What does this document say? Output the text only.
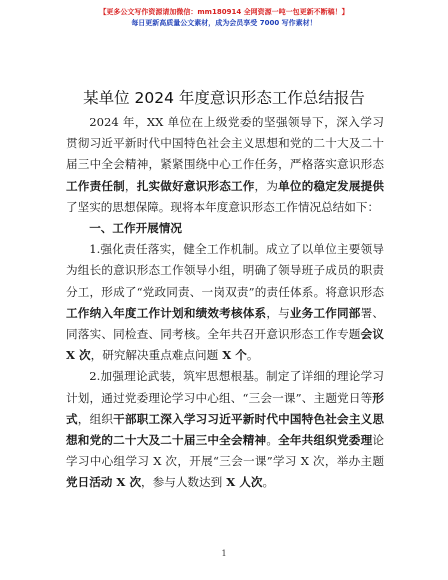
【更多公文写作资源请加微信：mm180914 全网资源一吨一包更新不断稿！】
每日更新高质量公文素材，成为会员享受 7000 写作素材！
某单位 2024 年度意识形态工作总结报告

2024 年，XX 单位在上级党委的坚强领导下，深入学习贯彻习近平新时代中国特色社会主义思想和党的二十大及二十届三中全会精神，紧紧围绕中心工作任务，严格落实意识形态工作责任制，扎实做好意识形态工作，为单位的稳定发展提供了坚实的思想保障。现将本年度意识形态工作情况总结如下：

一、工作开展情况

1.强化责任落实，健全工作机制。成立了以单位主要领导为组长的意识形态工作领导小组，明确了领导班子成员的职责分工，形成了“党政同责、一岗双责”的责任体系。将意识形态工作纳入年度工作计划和绩效考核体系，与业务工作同部署、同落实、同检查、同考核。全年共召开意识形态工作专题会议 X 次，研究解决重点难点问题 X 个。

2.加强理论武装，筑牢思想根基。制定了详细的理论学习计划，通过党委理论学习中心组、“三会一课”、主题党日等形式，组织干部职工深入学习习近平新时代中国特色社会主义思想和党的二十大及二十届三中全会精神。全年共组织党委理论学习中心组学习 X 次，开展“三会一课”学习 X 次，举办主题党日活动 X 次，参与人数达到 X 人次。

1
